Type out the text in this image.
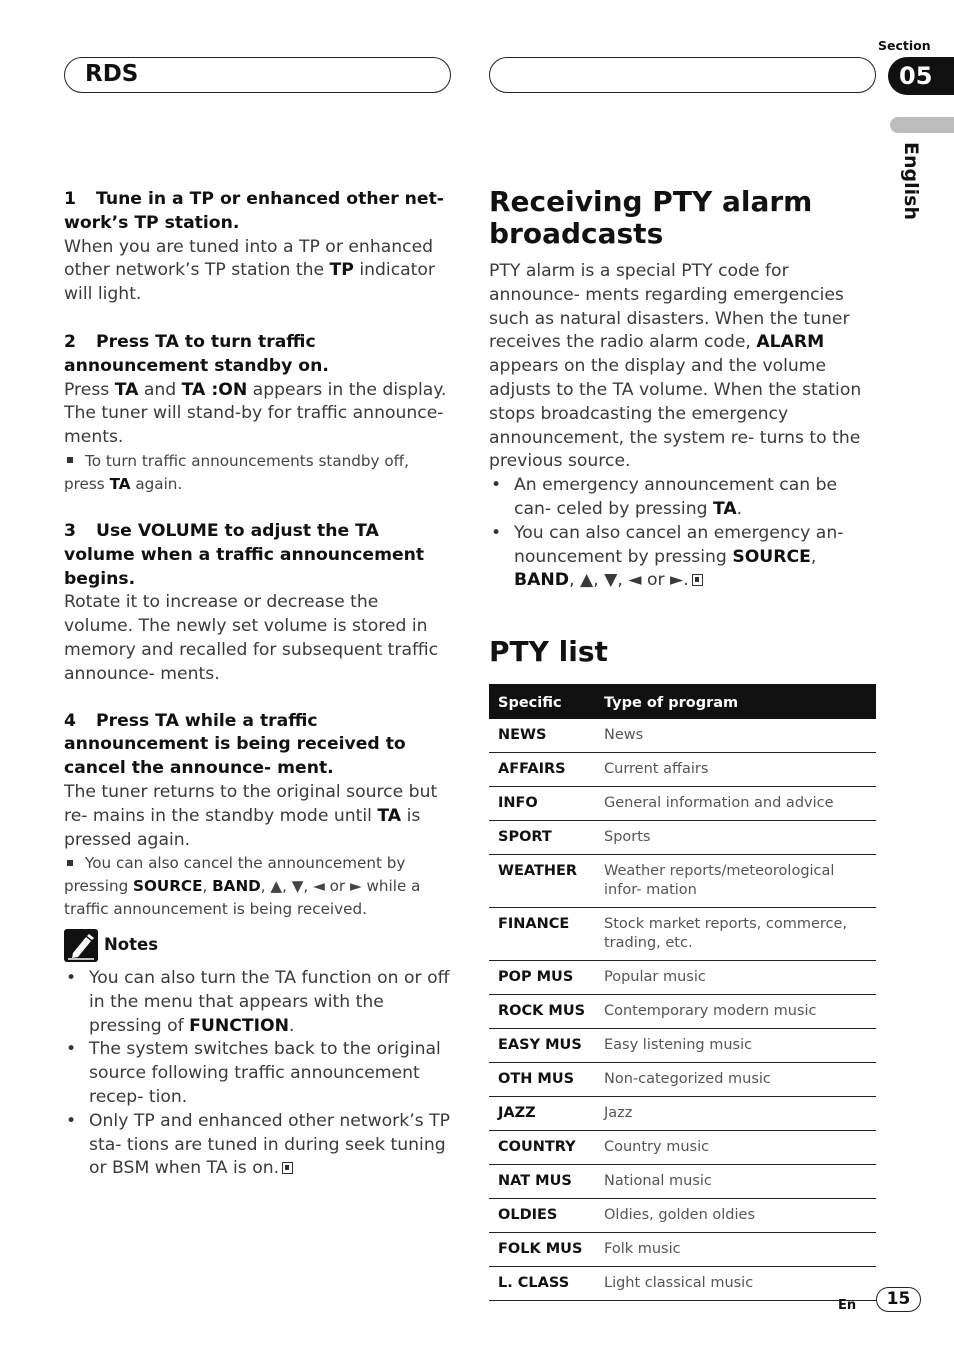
RDS
Section
05
English
1 Tune in a TP or enhanced other net-
work’s TP station.
When you are tuned into a TP or enhanced other network’s TP station the TP indicator will light.
2 Press TA to turn traffic announcement standby on.
Press TA and TA :ON appears in the display. The tuner will stand-by for traffic announce- ments.
To turn traffic announcements standby off, press TA again.
3 Use VOLUME to adjust the TA volume when a traffic announcement begins.
Rotate it to increase or decrease the volume. The newly set volume is stored in memory and recalled for subsequent traffic announce- ments.
4 Press TA while a traffic announcement is being received to cancel the announce- ment.
The tuner returns to the original source but re- mains in the standby mode until TA is pressed again.
You can also cancel the announcement by pressing SOURCE, BAND, ▲, ▼, ◄ or ► while a traffic announcement is being received.
Notes
• You can also turn the TA function on or off in the menu that appears with the pressing of FUNCTION.
• The system switches back to the original source following traffic announcement recep- tion.
• Only TP and enhanced other network’s TP sta- tions are tuned in during seek tuning or BSM when TA is on.
Receiving PTY alarm broadcasts
PTY alarm is a special PTY code for announce- ments regarding emergencies such as natural disasters. When the tuner receives the radio alarm code, ALARM appears on the display and the volume adjusts to the TA volume. When the station stops broadcasting the emergency announcement, the system re- turns to the previous source.
• An emergency announcement can be can- celed by pressing TA.
• You can also cancel an emergency an- nouncement by pressing SOURCE, BAND, ▲, ▼, ◄ or ►.
PTY list
Specific	Type of program
NEWS	News
AFFAIRS	Current affairs
INFO	General information and advice
SPORT	Sports
WEATHER	Weather reports/meteorological infor- mation
FINANCE	Stock market reports, commerce, trading, etc.
POP MUS	Popular music
ROCK MUS	Contemporary modern music
EASY MUS	Easy listening music
OTH MUS	Non-categorized music
JAZZ	Jazz
COUNTRY	Country music
NAT MUS	National music
OLDIES	Oldies, golden oldies
FOLK MUS	Folk music
L. CLASS	Light classical music
En	15
